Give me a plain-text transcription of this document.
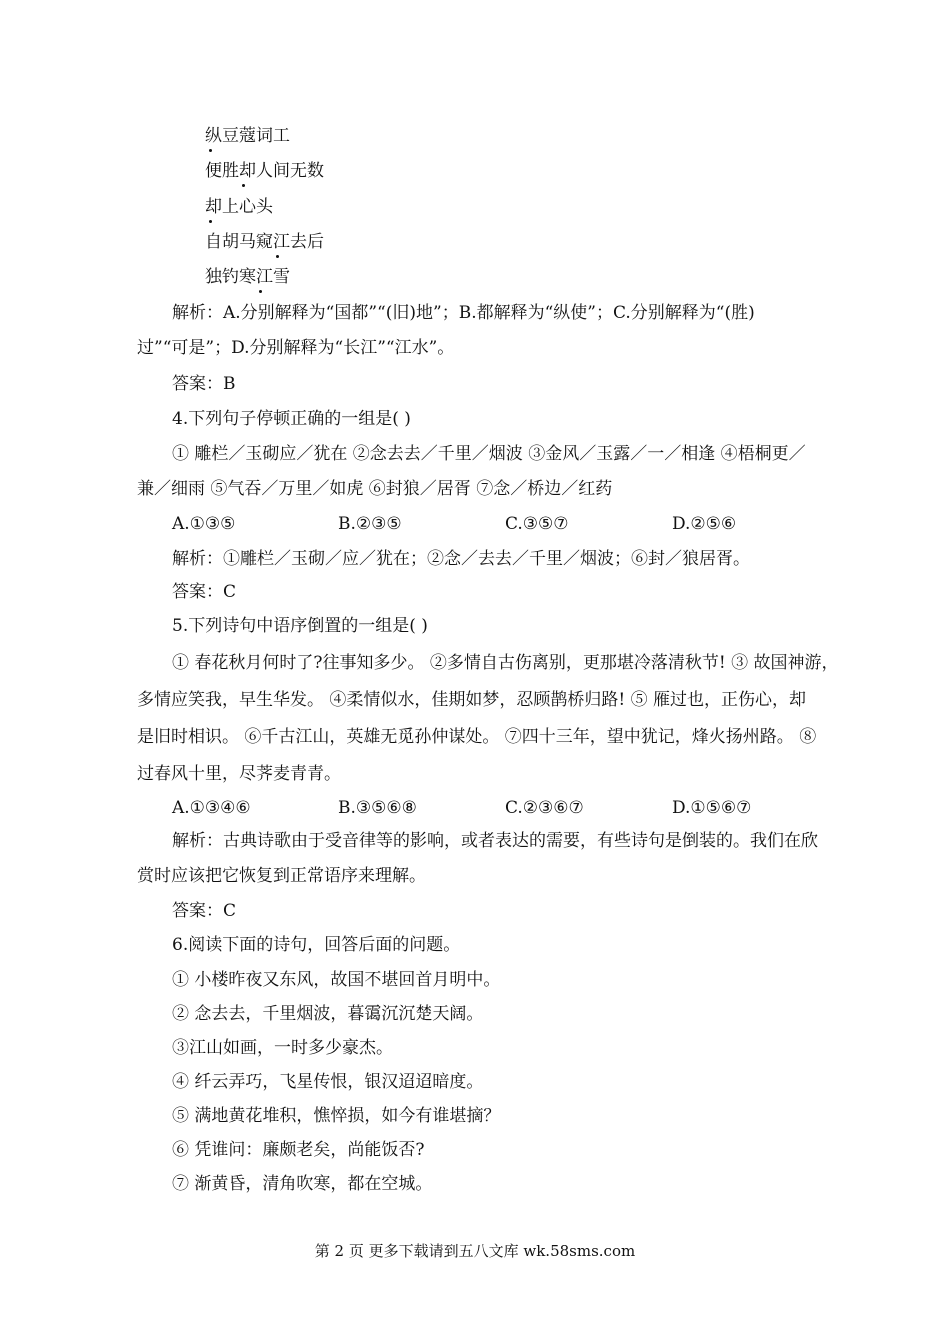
纵豆蔻词工
便胜却人间无数
却上心头
自胡马窥江去后
独钓寒江雪
解析：A.分别解释为“国都”“(旧)地”；B.都解释为“纵使”；C.分别解释为“(胜)
过”“可是”；D.分别解释为“长江”“江水”。
答案：B
4.下列句子停顿正确的一组是( )
① 雕栏／玉砌应／犹在 ②念去去／千里／烟波 ③金风／玉露／一／相逢 ④梧桐更／
兼／细雨 ⑤气吞／万里／如虎 ⑥封狼／居胥 ⑦念／桥边／红药
A.①③⑤	B.②③⑤	C.③⑤⑦	D.②⑤⑥
解析：①雕栏／玉砌／应／犹在；②念／去去／千里／烟波；⑥封／狼居胥。
答案：C
5.下列诗句中语序倒置的一组是( )
① 春花秋月何时了?往事知多少。 ②多情自古伤离别，更那堪冷落清秋节! ③ 故国神游，
多情应笑我，早生华发。 ④柔情似水，佳期如梦，忍顾鹊桥归路! ⑤ 雁过也，正伤心，却
是旧时相识。 ⑥千古江山，英雄无觅孙仲谋处。 ⑦四十三年，望中犹记，烽火扬州路。 ⑧
过春风十里，尽荠麦青青。
A.①③④⑥	B.③⑤⑥⑧	C.②③⑥⑦	D.①⑤⑥⑦
解析：古典诗歌由于受音律等的影响，或者表达的需要，有些诗句是倒装的。我们在欣
赏时应该把它恢复到正常语序来理解。
答案：C
6.阅读下面的诗句，回答后面的问题。
① 小楼昨夜又东风，故国不堪回首月明中。
② 念去去，千里烟波，暮霭沉沉楚天阔。
③江山如画，一时多少豪杰。
④ 纤云弄巧，飞星传恨，银汉迢迢暗度。
⑤ 满地黄花堆积，憔悴损，如今有谁堪摘？
⑥ 凭谁问：廉颇老矣，尚能饭否?
⑦ 渐黄昏，清角吹寒，都在空城。
第 2 页 更多下载请到五八文库 wk.58sms.com
